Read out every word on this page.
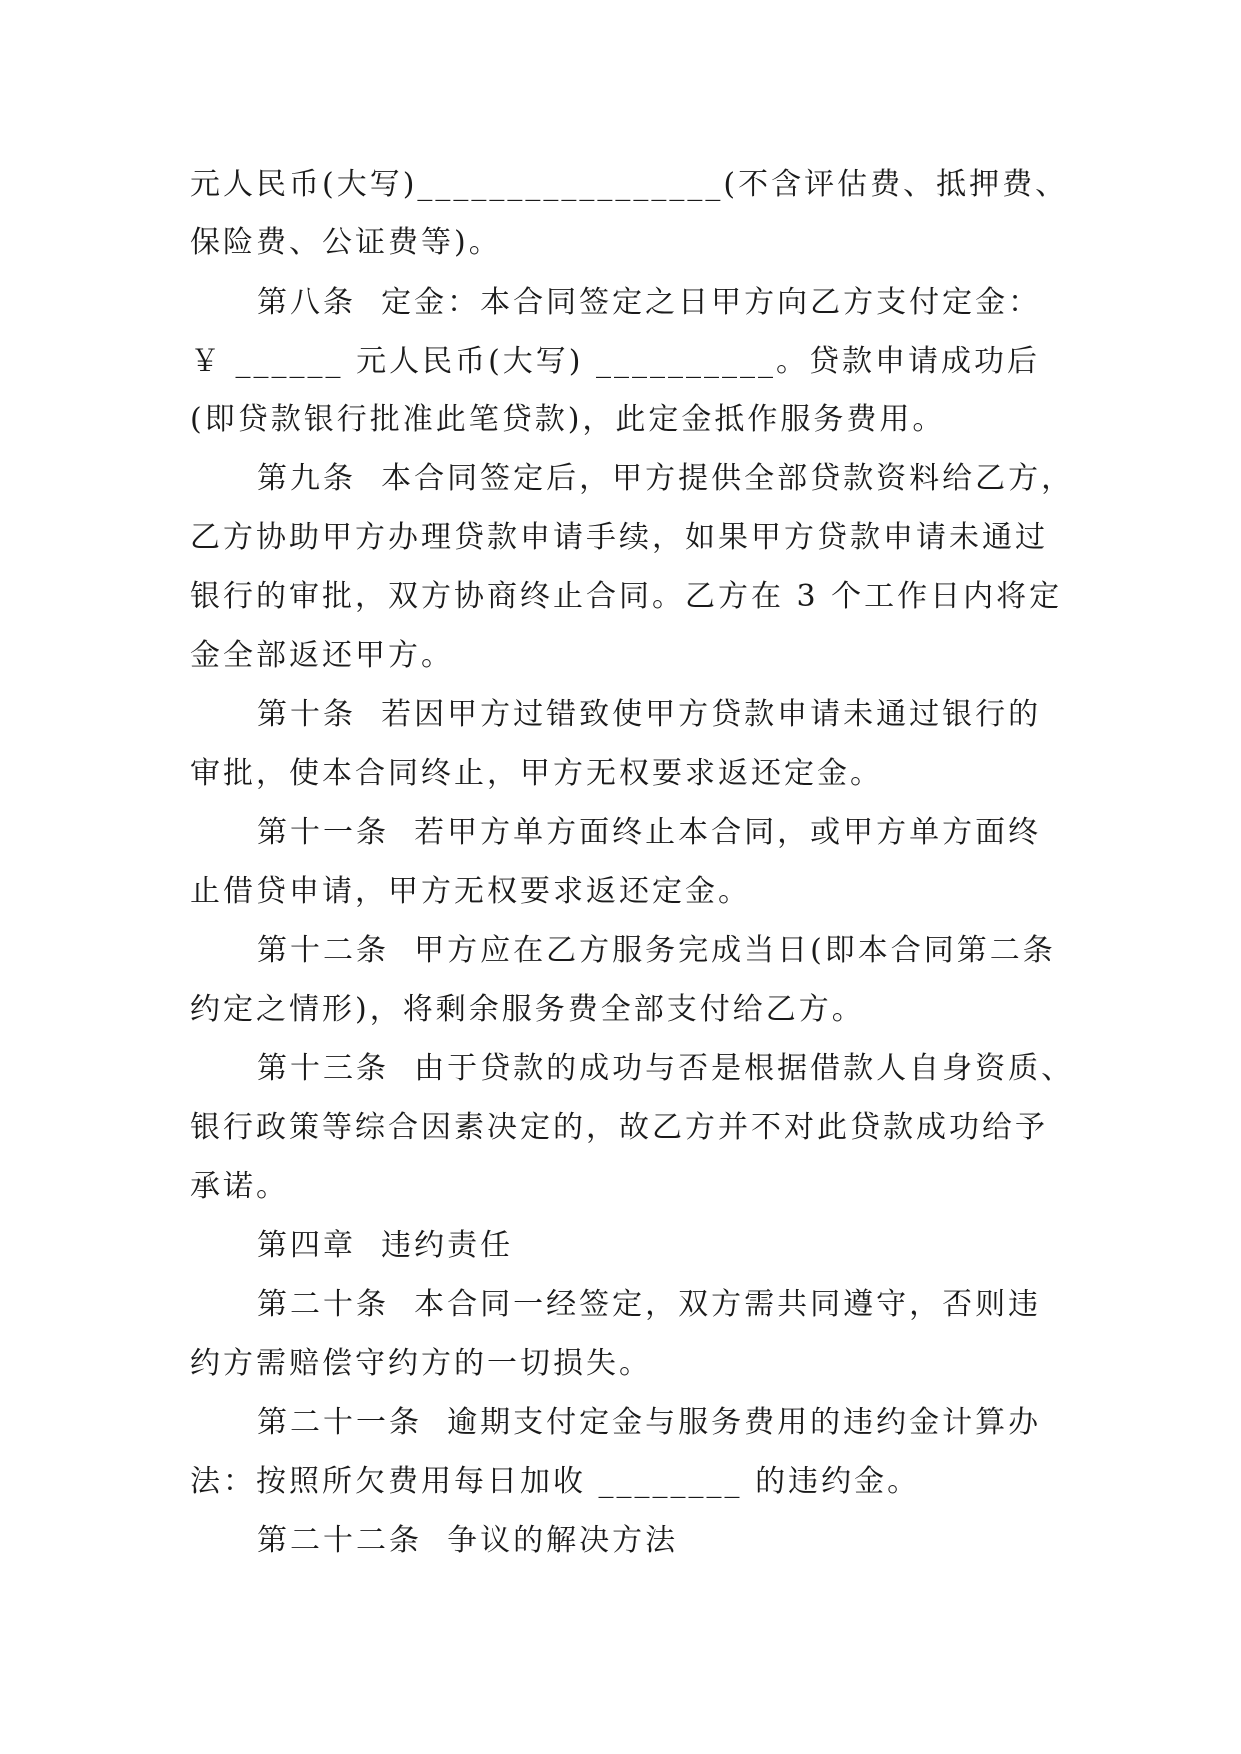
元人民币(大写)_________________(不含评估费、抵押费、
保险费、公证费等)。
第八条  定金：本合同签定之日甲方向乙方支付定金：
￥ ______ 元人民币(大写) __________。贷款申请成功后
(即贷款银行批准此笔贷款)，此定金抵作服务费用。
第九条  本合同签定后，甲方提供全部贷款资料给乙方，
乙方协助甲方办理贷款申请手续，如果甲方贷款申请未通过
银行的审批，双方协商终止合同。乙方在 3 个工作日内将定
金全部返还甲方。
第十条  若因甲方过错致使甲方贷款申请未通过银行的
审批，使本合同终止，甲方无权要求返还定金。
第十一条  若甲方单方面终止本合同，或甲方单方面终
止借贷申请，甲方无权要求返还定金。
第十二条  甲方应在乙方服务完成当日(即本合同第二条
约定之情形)，将剩余服务费全部支付给乙方。
第十三条  由于贷款的成功与否是根据借款人自身资质、
银行政策等综合因素决定的，故乙方并不对此贷款成功给予
承诺。
第四章  违约责任
第二十条  本合同一经签定，双方需共同遵守，否则违
约方需赔偿守约方的一切损失。
第二十一条  逾期支付定金与服务费用的违约金计算办
法：按照所欠费用每日加收 ________ 的违约金。
第二十二条  争议的解决方法
